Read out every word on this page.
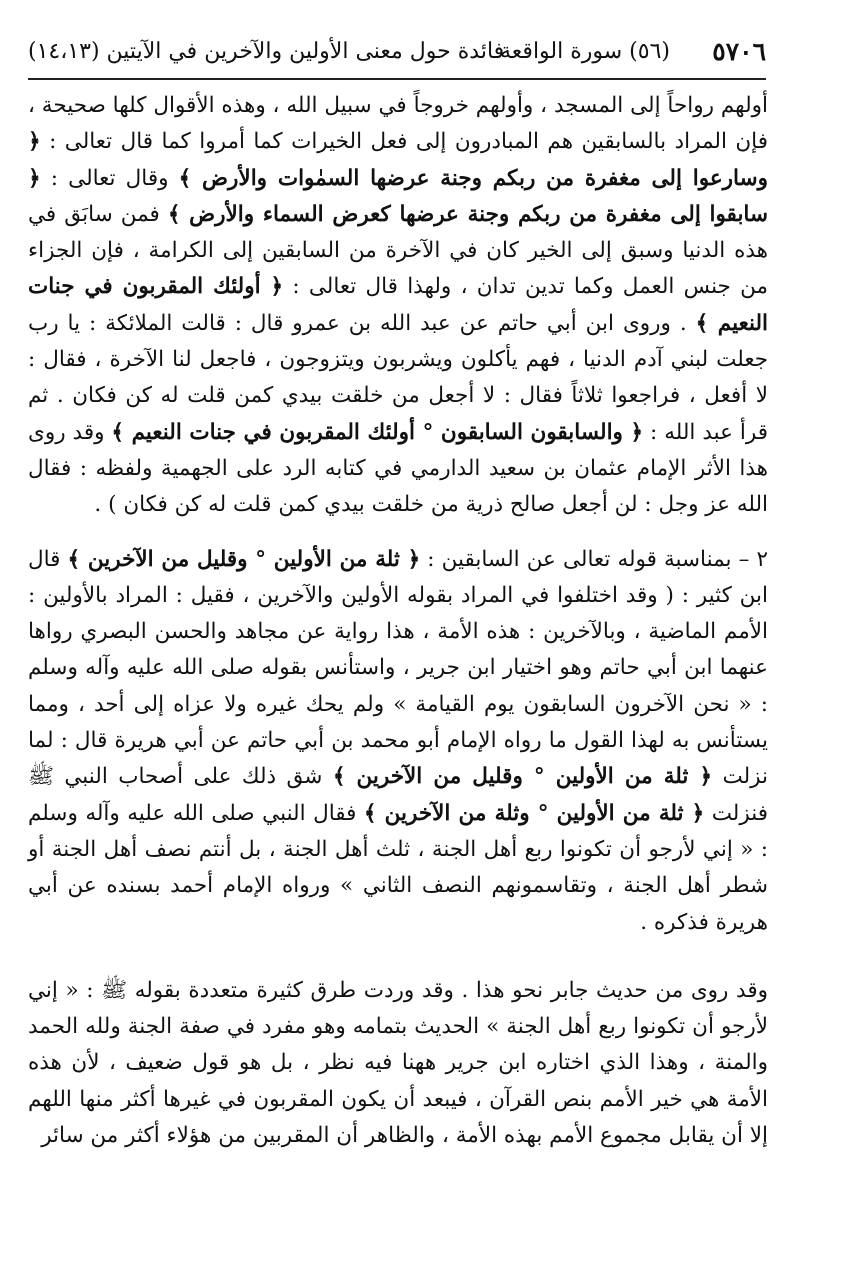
٥٧٠٦
(٥٦) سورة الواقعة
فائدة حول معنى الأولين والآخرين في الآيتين (١٤،١٣)

أولهم رواحاً إلى المسجد ، وأولهم خروجاً في سبيل الله ، وهذه الأقوال كلها صحيحة ، فإن المراد بالسابقين هم المبادرون إلى فعل الخيرات كما أمروا كما قال تعالى : ﴿ وسارعوا إلى مغفرة من ربكم وجنة عرضها السمٰوات والأرض ﴾ وقال تعالى : ﴿ سابقوا إلى مغفرة من ربكم وجنة عرضها كعرض السماء والأرض ﴾ فمن سابَق في هذه الدنيا وسبق إلى الخير كان في الآخرة من السابقين إلى الكرامة ، فإن الجزاء من جنس العمل وكما تدين تدان ، ولهذا قال تعالى : ﴿ أولئك المقربون في جنات النعيم ﴾ . وروى ابن أبي حاتم عن عبد الله بن عمرو قال : قالت الملائكة : يا رب جعلت لبني آدم الدنيا ، فهم يأكلون ويشربون ويتزوجون ، فاجعل لنا الآخرة ، فقال : لا أفعل ، فراجعوا ثلاثاً فقال : لا أجعل من خلقت بيدي كمن قلت له كن فكان . ثم قرأ عبد الله : ﴿ والسابقون السابقون ° أولئك المقربون في جنات النعيم ﴾ وقد روى هذا الأثر الإمام عثمان بن سعيد الدارمي في كتابه الرد على الجهمية ولفظه : فقال الله عز وجل : لن أجعل صالح ذرية من خلقت بيدي كمن قلت له كن فكان ) .

٢ – بمناسبة قوله تعالى عن السابقين : ﴿ ثلة من الأولين ° وقليل من الآخرين ﴾ قال ابن كثير : ( وقد اختلفوا في المراد بقوله الأولين والآخرين ، فقيل : المراد بالأولين : الأمم الماضية ، وبالآخرين : هذه الأمة ، هذا رواية عن مجاهد والحسن البصري رواها عنهما ابن أبي حاتم وهو اختيار ابن جرير ، واستأنس بقوله صلى الله عليه وآله وسلم : « نحن الآخرون السابقون يوم القيامة » ولم يحك غيره ولا عزاه إلى أحد ، ومما يستأنس به لهذا القول ما رواه الإمام أبو محمد بن أبي حاتم عن أبي هريرة قال : لما نزلت ﴿ ثلة من الأولين ° وقليل من الآخرين ﴾ شق ذلك على أصحاب النبي ﷺ فنزلت ﴿ ثلة من الأولين ° وثلة من الآخرين ﴾ فقال النبي صلى الله عليه وآله وسلم : « إني لأرجو أن تكونوا ربع أهل الجنة ، ثلث أهل الجنة ، بل أنتم نصف أهل الجنة أو شطر أهل الجنة ، وتقاسمونهم النصف الثاني » ورواه الإمام أحمد بسنده عن أبي هريرة فذكره .

وقد روى من حديث جابر نحو هذا . وقد وردت طرق كثيرة متعددة بقوله ﷺ : « إني لأرجو أن تكونوا ربع أهل الجنة » الحديث بتمامه وهو مفرد في صفة الجنة ولله الحمد والمنة ، وهذا الذي اختاره ابن جرير ههنا فيه نظر ، بل هو قول ضعيف ، لأن هذه الأمة هي خير الأمم بنص القرآن ، فيبعد أن يكون المقربون في غيرها أكثر منها اللهم إلا أن يقابل مجموع الأمم بهذه الأمة ، والظاهر أن المقربين من هؤلاء أكثر من سائر
